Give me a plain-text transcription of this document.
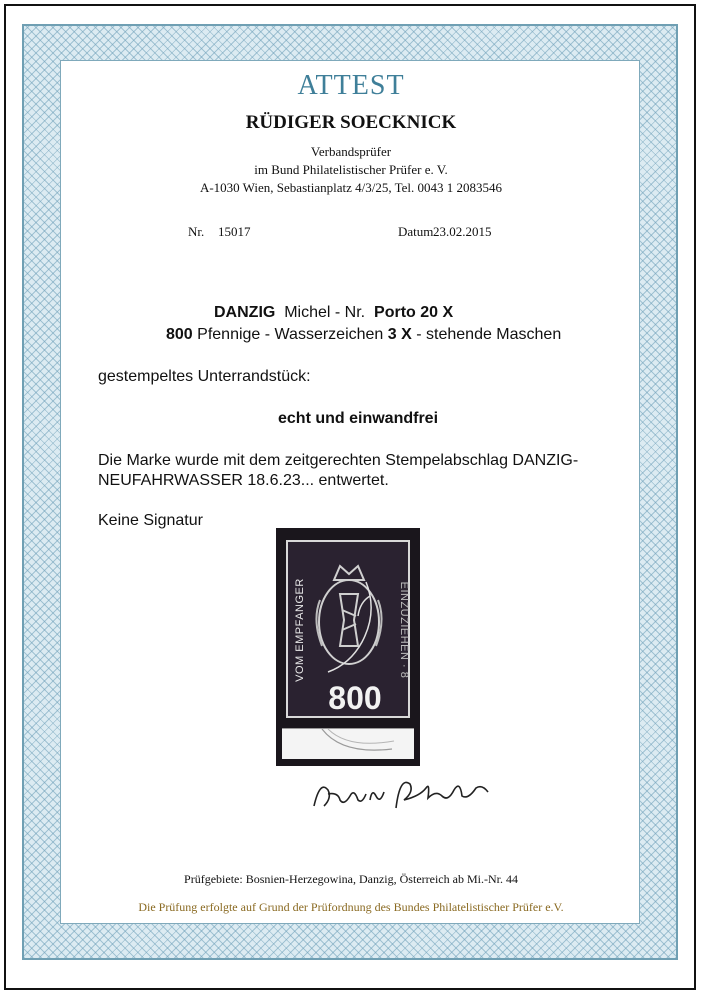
ATTEST
RÜDIGER SOECKNICK
Verbandsprüfer
im Bund Philatelistischer Prüfer e. V.
A-1030 Wien, Sebastianplatz 4/3/25, Tel. 0043 1 2083546
Nr. 15017	Datum 23.02.2015
DANZIG Michel - Nr. Porto 20 X
800 Pfennige - Wasserzeichen 3 X - stehende Maschen
gestempeltes Unterrandstück:
echt und einwandfrei
Die Marke wurde mit dem zeitgerechten Stempelabschlag DANZIG-
NEUFAHRWASSER 18.6.23... entwertet.
Keine Signatur
VOM EMPFANGER	EINZUZIEHEN · 8
800
Prüfgebiete: Bosnien-Herzegowina, Danzig, Österreich ab Mi.-Nr. 44
Die Prüfung erfolgte auf Grund der Prüfordnung des Bundes Philatelistischer Prüfer e.V.
